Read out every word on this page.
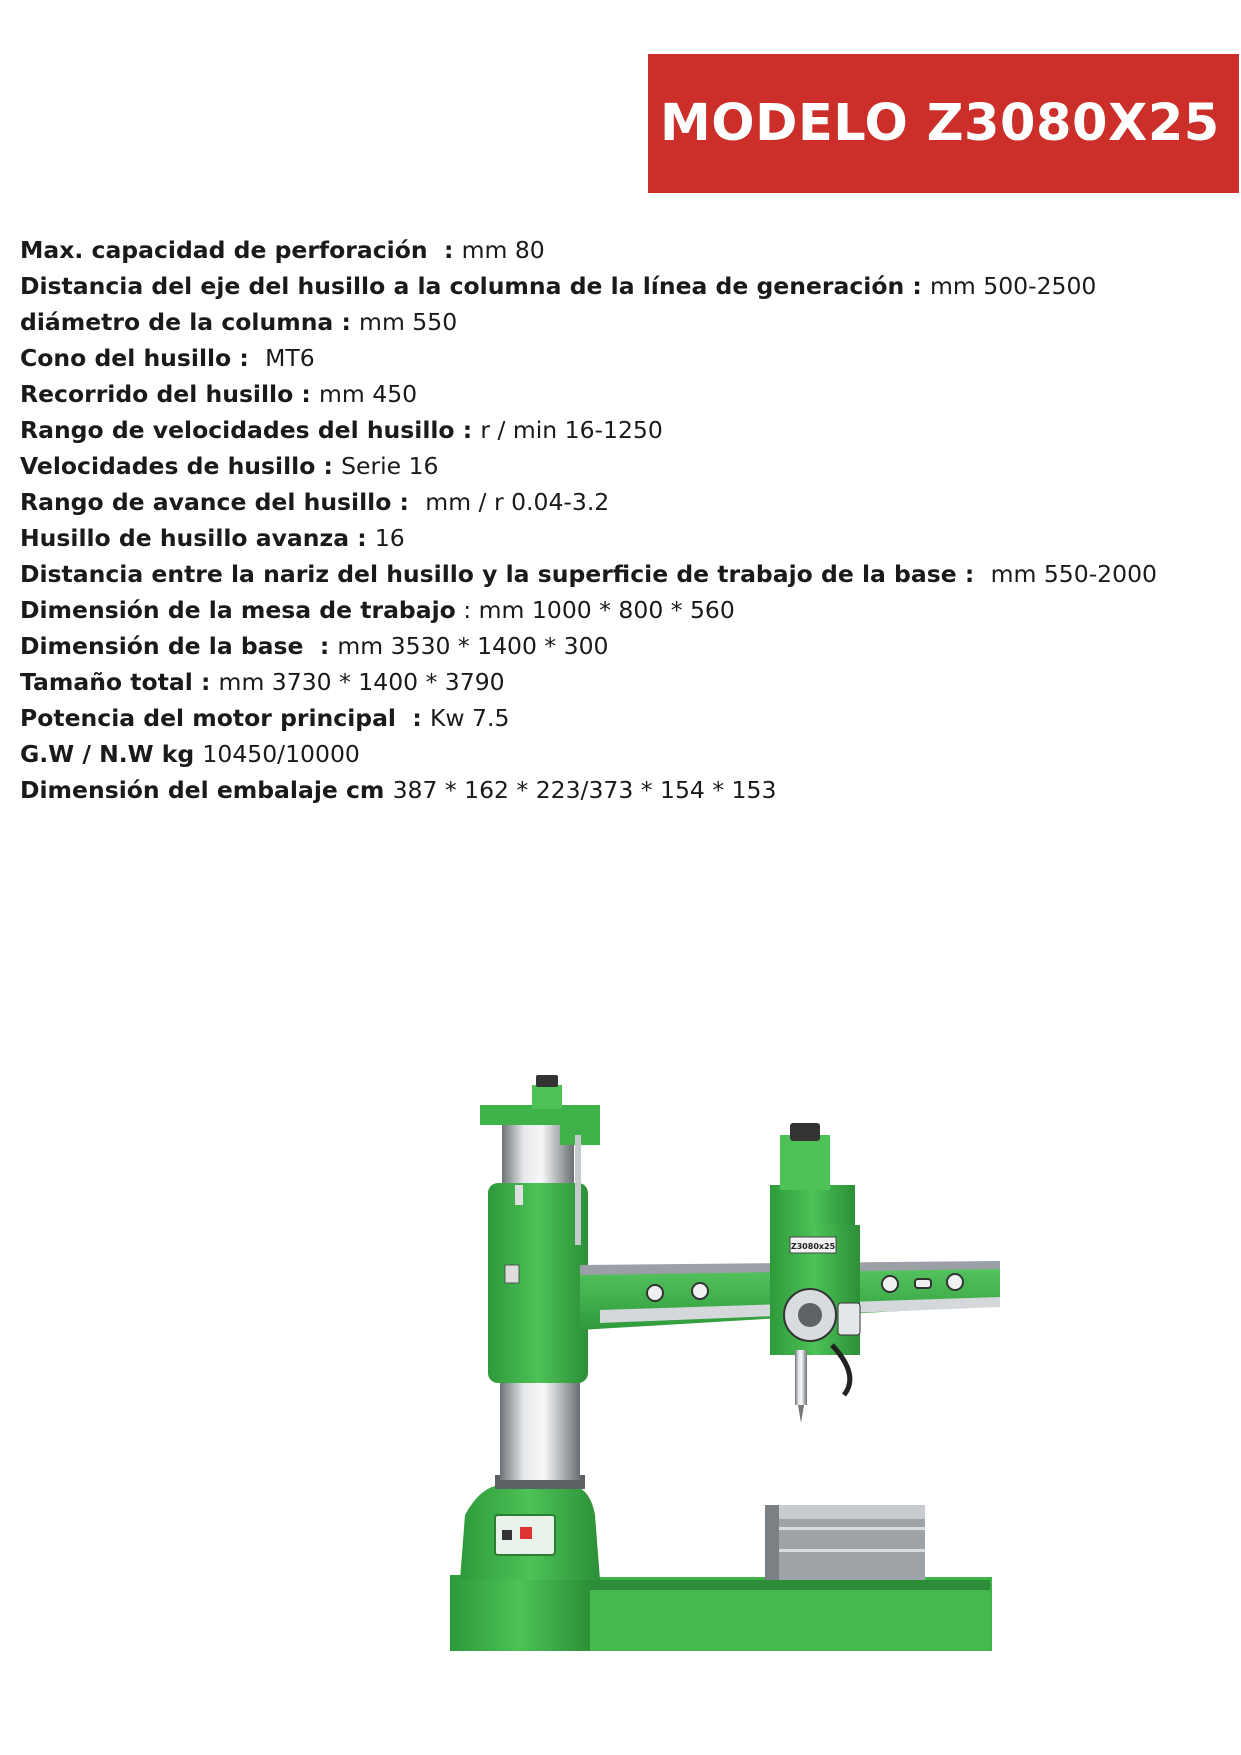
MODELO Z3080X25
Max. capacidad de perforación  : mm 80
Distancia del eje del husillo a la columna de la línea de generación : mm 500-2500
diámetro de la columna : mm 550
Cono del husillo :  MT6
Recorrido del husillo : mm 450
Rango de velocidades del husillo : r / min 16-1250
Velocidades de husillo : Serie 16
Rango de avance del husillo :  mm / r 0.04-3.2
Husillo de husillo avanza : 16
Distancia entre la nariz del husillo y la superficie de trabajo de la base :  mm 550-2000
Dimensión de la mesa de trabajo : mm 1000 * 800 * 560
Dimensión de la base  : mm 3530 * 1400 * 300
Tamaño total : mm 3730 * 1400 * 3790
Potencia del motor principal  : Kw 7.5
G.W / N.W kg 10450/10000
Dimensión del embalaje cm 387 * 162 * 223/373 * 154 * 153
Z3080x25
